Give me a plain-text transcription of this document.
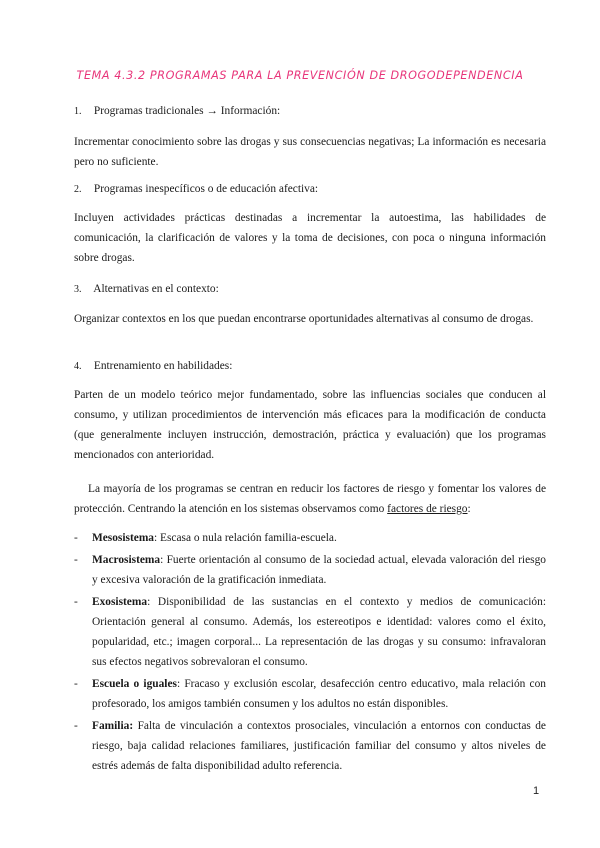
TEMA 4.3.2 PROGRAMAS PARA LA PREVENCIÓN DE DROGODEPENDENCIA
1. Programas tradicionales → Información:
Incrementar conocimiento sobre las drogas y sus consecuencias negativas; La información es necesaria pero no suficiente.
2. Programas inespecíficos o de educación afectiva:
Incluyen actividades prácticas destinadas a incrementar la autoestima, las habilidades de comunicación, la clarificación de valores y la toma de decisiones, con poca o ninguna información sobre drogas.
3. Alternativas en el contexto:
Organizar contextos en los que puedan encontrarse oportunidades alternativas al consumo de drogas.
4. Entrenamiento en habilidades:
Parten de un modelo teórico mejor fundamentado, sobre las influencias sociales que conducen al consumo, y utilizan procedimientos de intervención más eficaces para la modificación de conducta (que generalmente incluyen instrucción, demostración, práctica y evaluación) que los programas mencionados con anterioridad.
La mayoría de los programas se centran en reducir los factores de riesgo y fomentar los valores de protección. Centrando la atención en los sistemas observamos como factores de riesgo:
- Mesosistema: Escasa o nula relación familia-escuela.
- Macrosistema: Fuerte orientación al consumo de la sociedad actual, elevada valoración del riesgo y excesiva valoración de la gratificación inmediata.
- Exosistema: Disponibilidad de las sustancias en el contexto y medios de comunicación: Orientación general al consumo. Además, los estereotipos e identidad: valores como el éxito, popularidad, etc.; imagen corporal... La representación de las drogas y su consumo: infravaloran sus efectos negativos sobrevaloran el consumo.
- Escuela o iguales: Fracaso y exclusión escolar, desafección centro educativo, mala relación con profesorado, los amigos también consumen y los adultos no están disponibles.
- Familia: Falta de vinculación a contextos prosociales, vinculación a entornos con conductas de riesgo, baja calidad relaciones familiares, justificación familiar del consumo y altos niveles de estrés además de falta disponibilidad adulto referencia.
1
